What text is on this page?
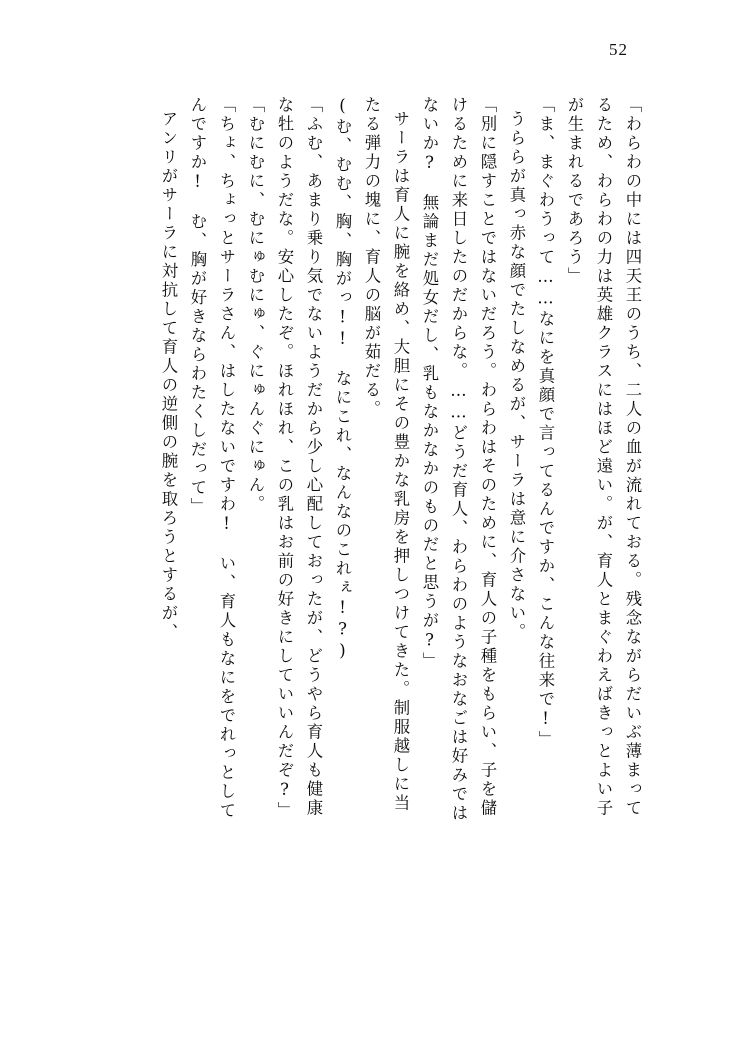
52
「わらわの中には四天王のうち、二人の血が流れておる。残念ながらだいぶ薄まって
るため、わらわの力は英雄クラスにはほど遠い。が、育人とまぐわえばきっとよい子
が生まれるであろう」
「ま、まぐわうって……なにを真顔で言ってるんですか、こんな往来で!」
うららが真っ赤な顔でたしなめるが、サーラは意に介さない。
「別に隠すことではないだろう。わらわはそのために、育人の子種をもらい、子を儲
けるために来日したのだからな。……どうだ育人、わらわのようなおなごは好みでは
ないか?　無論まだ処女だし、乳もなかなかのものだと思うが?」
サーラは育人に腕を絡め、大胆にその豊かな乳房を押しつけてきた。制服越しに当
たる弾力の塊に、育人の脳が茹だる。
(む、むむ、胸、胸がっ!!　なにこれ、なんなのこれぇ!?)
「ふむ、あまり乗り気でないようだから少し心配しておったが、どうやら育人も健康
な牡のようだな。安心したぞ。ほれほれ、この乳はお前の好きにしていいんだぞ?」
「むにむに、むにゅむにゅ、ぐにゅんぐにゅん。
「ちょ、ちょっとサーラさん、はしたないですわ!　い、育人もなにをでれっとして
んですか!　む、胸が好きならわたくしだって」
アンリがサーラに対抗して育人の逆側の腕を取ろうとするが、
